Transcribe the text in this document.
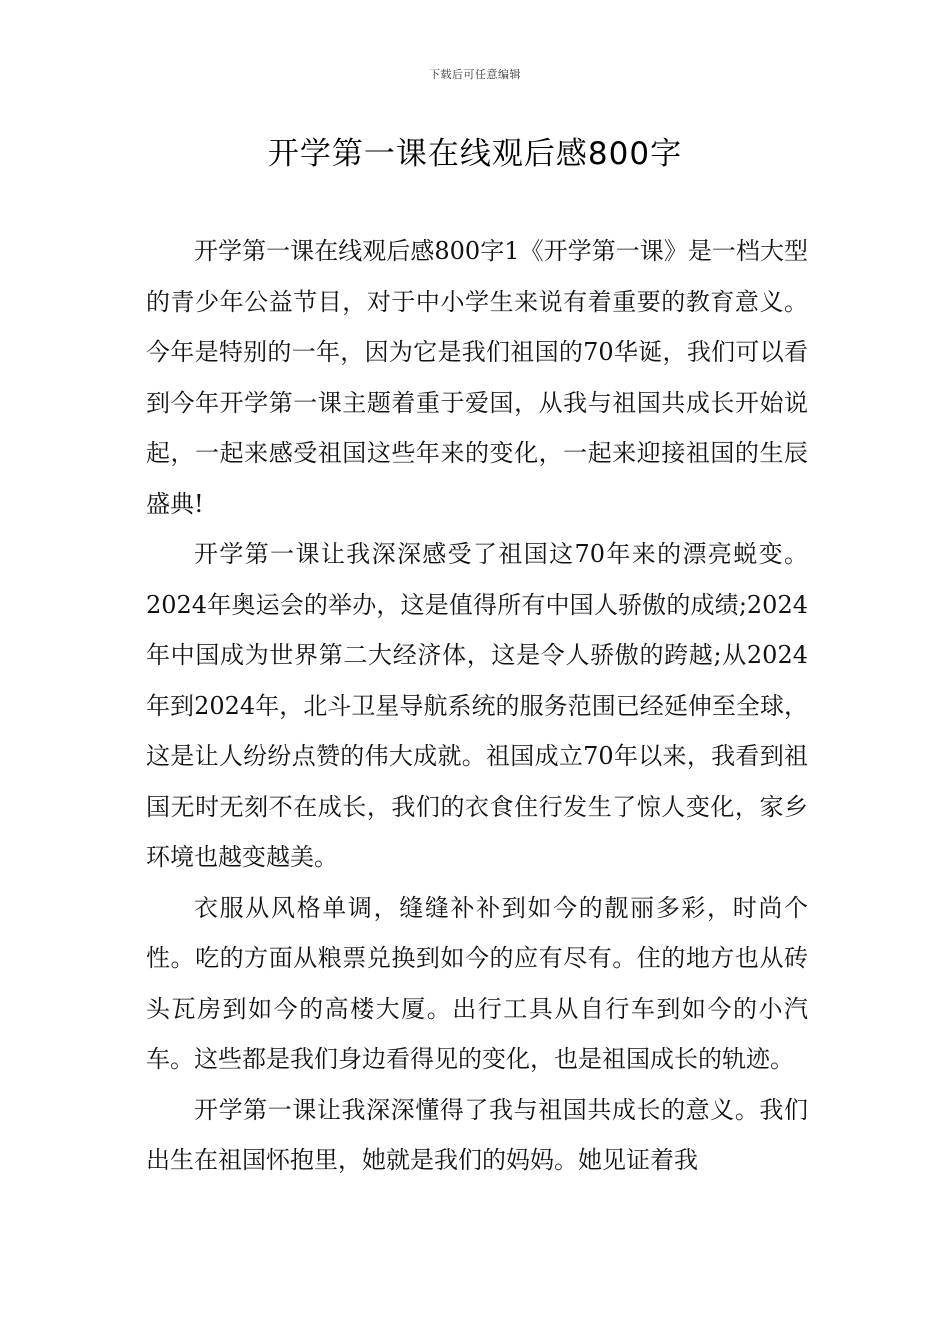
下载后可任意编辑
开学第一课在线观后感800字

开学第一课在线观后感800字1《开学第一课》是一档大型的青少年公益节目，对于中小学生来说有着重要的教育意义。今年是特别的一年，因为它是我们祖国的70华诞，我们可以看到今年开学第一课主题着重于爱国，从我与祖国共成长开始说起，一起来感受祖国这些年来的变化，一起来迎接祖国的生辰盛典!

开学第一课让我深深感受了祖国这70年来的漂亮蜕变。2024年奥运会的举办，这是值得所有中国人骄傲的成绩;2024年中国成为世界第二大经济体，这是令人骄傲的跨越;从2024年到2024年，北斗卫星导航系统的服务范围已经延伸至全球，这是让人纷纷点赞的伟大成就。祖国成立70年以来，我看到祖国无时无刻不在成长，我们的衣食住行发生了惊人变化，家乡环境也越变越美。

衣服从风格单调，缝缝补补到如今的靓丽多彩，时尚个性。吃的方面从粮票兑换到如今的应有尽有。住的地方也从砖头瓦房到如今的高楼大厦。出行工具从自行车到如今的小汽车。这些都是我们身边看得见的变化，也是祖国成长的轨迹。

开学第一课让我深深懂得了我与祖国共成长的意义。我们出生在祖国怀抱里，她就是我们的妈妈。她见证着我
